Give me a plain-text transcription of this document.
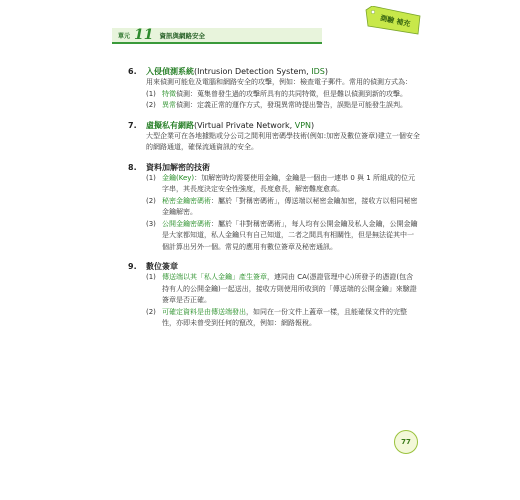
單元 11 資訊與網路安全
測驗 補充
6.	入侵偵測系統(Intrusion Detection System, IDS)
用來偵測可能危及電腦和網路安全的攻擊，例如：檢查電子郵件。常用的偵測方式為：
(1) 特徵偵測：蒐集曾發生過的攻擊所具有的共同特徵，但是難以偵測到新的攻擊。
(2) 異常偵測：定義正常的運作方式，發現異常時提出警告，誤點是可能發生誤判。
7.	虛擬私有網路(Virtual Private Network, VPN)
大型企業可在各地據點或分公司之間利用密碼學技術(例如:加密及數位簽章)建立一個安全的網路通道，確保流通資訊的安全。
8.	資料加解密的技術
(1) 金鑰(Key)：加解密時均需要使用金鑰，金鑰是一個由一連串 0 與 1 所組成的位元字串，其長度決定安全性強度，長度愈長，解密難度愈高。
(2) 秘密金鑰密碼術：屬於「對稱密碼術」，傳送端以秘密金鑰加密，接收方以相同秘密金鑰解密。
(3) 公開金鑰密碼術：屬於「非對稱密碼術」，每人均有公開金鑰及私人金鑰，公開金鑰是大家都知道，私人金鑰只有自己知道，二者之間具有相關性，但是無法從其中一個計算出另外一個。常見的應用有數位簽章及秘密通訊。
9.	數位簽章
(1) 傳送端以其「私人金鑰」產生簽章，連同由 CA(憑證管理中心)所發予的憑證(包含持有人的公開金鑰)一起送出，接收方則使用所收到的「傳送端的公開金鑰」來驗證簽章是否正確。
(2) 可確定資料是由傳送端發出，如同在一份文件上蓋章一樣，且能確保文件的完整性，亦即未曾受到任何的竄改，例如：網路報稅。
77
